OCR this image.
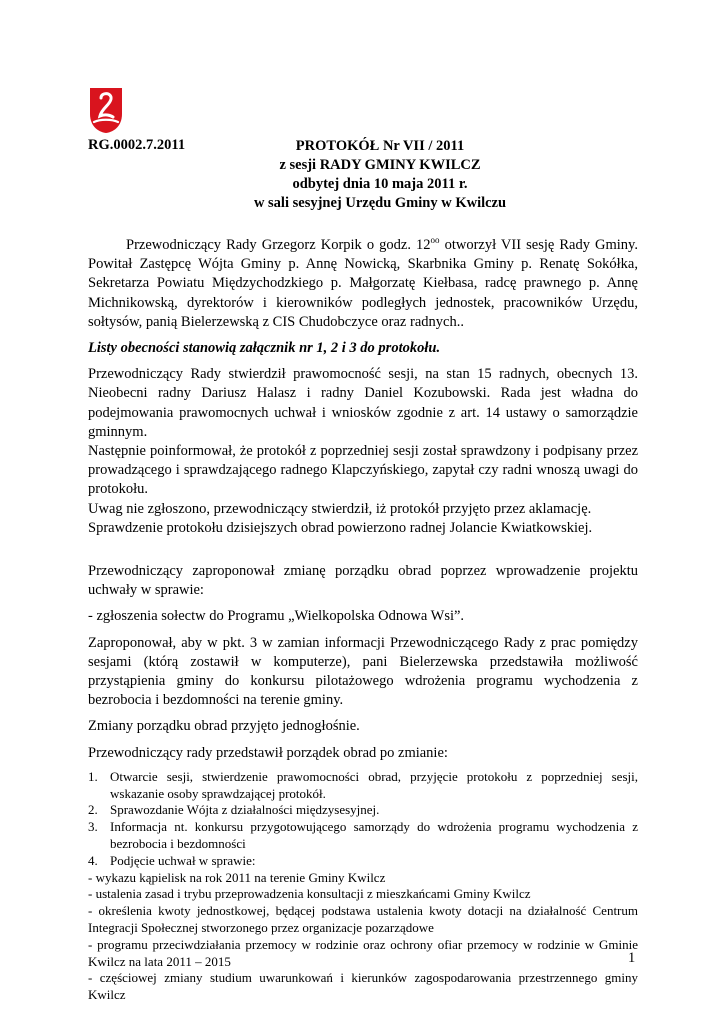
RG.0002.7.2011	PROTOKÓŁ Nr VII / 2011
z sesji RADY GMINY KWILCZ
odbytej dnia 10 maja 2011 r.
w sali sesyjnej Urzędu Gminy w Kwilczu

Przewodniczący Rady Grzegorz Korpik o godz. $12^{oo}$ otworzył VII sesję Rady Gminy. Powitał Zastępcę Wójta Gminy p. Annę Nowicką, Skarbnika Gminy p. Renatę Sokółka, Sekretarza Powiatu Międzychodzkiego p. Małgorzatę Kiełbasa, radcę prawnego p. Annę Michnikowską, dyrektorów i kierowników podległych jednostek, pracowników Urzędu, sołtysów, panią Bielerzewską z CIS Chudobczyce oraz radnych..

Listy obecności stanowią załącznik nr 1, 2 i 3 do protokołu.

Przewodniczący Rady stwierdził prawomocność sesji, na stan 15 radnych, obecnych 13. Nieobecni radny Dariusz Halasz i radny Daniel Kozubowski. Rada jest władna do podejmowania prawomocnych uchwał i wniosków zgodnie z art. 14 ustawy o samorządzie gminnym.

Następnie poinformował, że protokół z poprzedniej sesji został sprawdzony i podpisany przez prowadzącego i sprawdzającego radnego Klapczyńskiego, zapytał czy radni wnoszą uwagi do protokołu.

Uwag nie zgłoszono, przewodniczący stwierdził, iż protokół przyjęto przez aklamację.

Sprawdzenie protokołu dzisiejszych obrad powierzono radnej Jolancie Kwiatkowskiej.

Przewodniczący zaproponował zmianę porządku obrad poprzez wprowadzenie projektu uchwały w sprawie:

- zgłoszenia sołectw do Programu „Wielkopolska Odnowa Wsi”.

Zaproponował, aby w pkt. 3 w zamian informacji Przewodniczącego Rady z prac pomiędzy sesjami (którą zostawił w komputerze), pani Bielerzewska przedstawiła możliwość przystąpienia gminy do konkursu pilotażowego wdrożenia programu wychodzenia z bezrobocia i bezdomności na terenie gminy.

Zmiany porządku obrad przyjęto jednogłośnie.

Przewodniczący rady przedstawił porządek obrad po zmianie:

1. Otwarcie sesji, stwierdzenie prawomocności obrad, przyjęcie protokołu z poprzedniej sesji, wskazanie osoby sprawdzającej protokół.
2. Sprawozdanie Wójta z działalności międzysesyjnej.
3. Informacja nt. konkursu przygotowującego samorządy do wdrożenia programu wychodzenia z bezrobocia i bezdomności
4. Podjęcie uchwał w sprawie:
- wykazu kąpielisk na rok 2011 na terenie Gminy Kwilcz
- ustalenia zasad i trybu przeprowadzenia konsultacji z mieszkańcami Gminy Kwilcz
- określenia kwoty jednostkowej, będącej podstawa ustalenia kwoty dotacji na działalność Centrum Integracji Społecznej stworzonego przez organizacje pozarządowe
- programu przeciwdziałania przemocy w rodzinie oraz ochrony ofiar przemocy w rodzinie w Gminie Kwilcz na lata 2011 – 2015
- częściowej zmiany studium uwarunkowań i kierunków zagospodarowania przestrzennego gminy Kwilcz
1
